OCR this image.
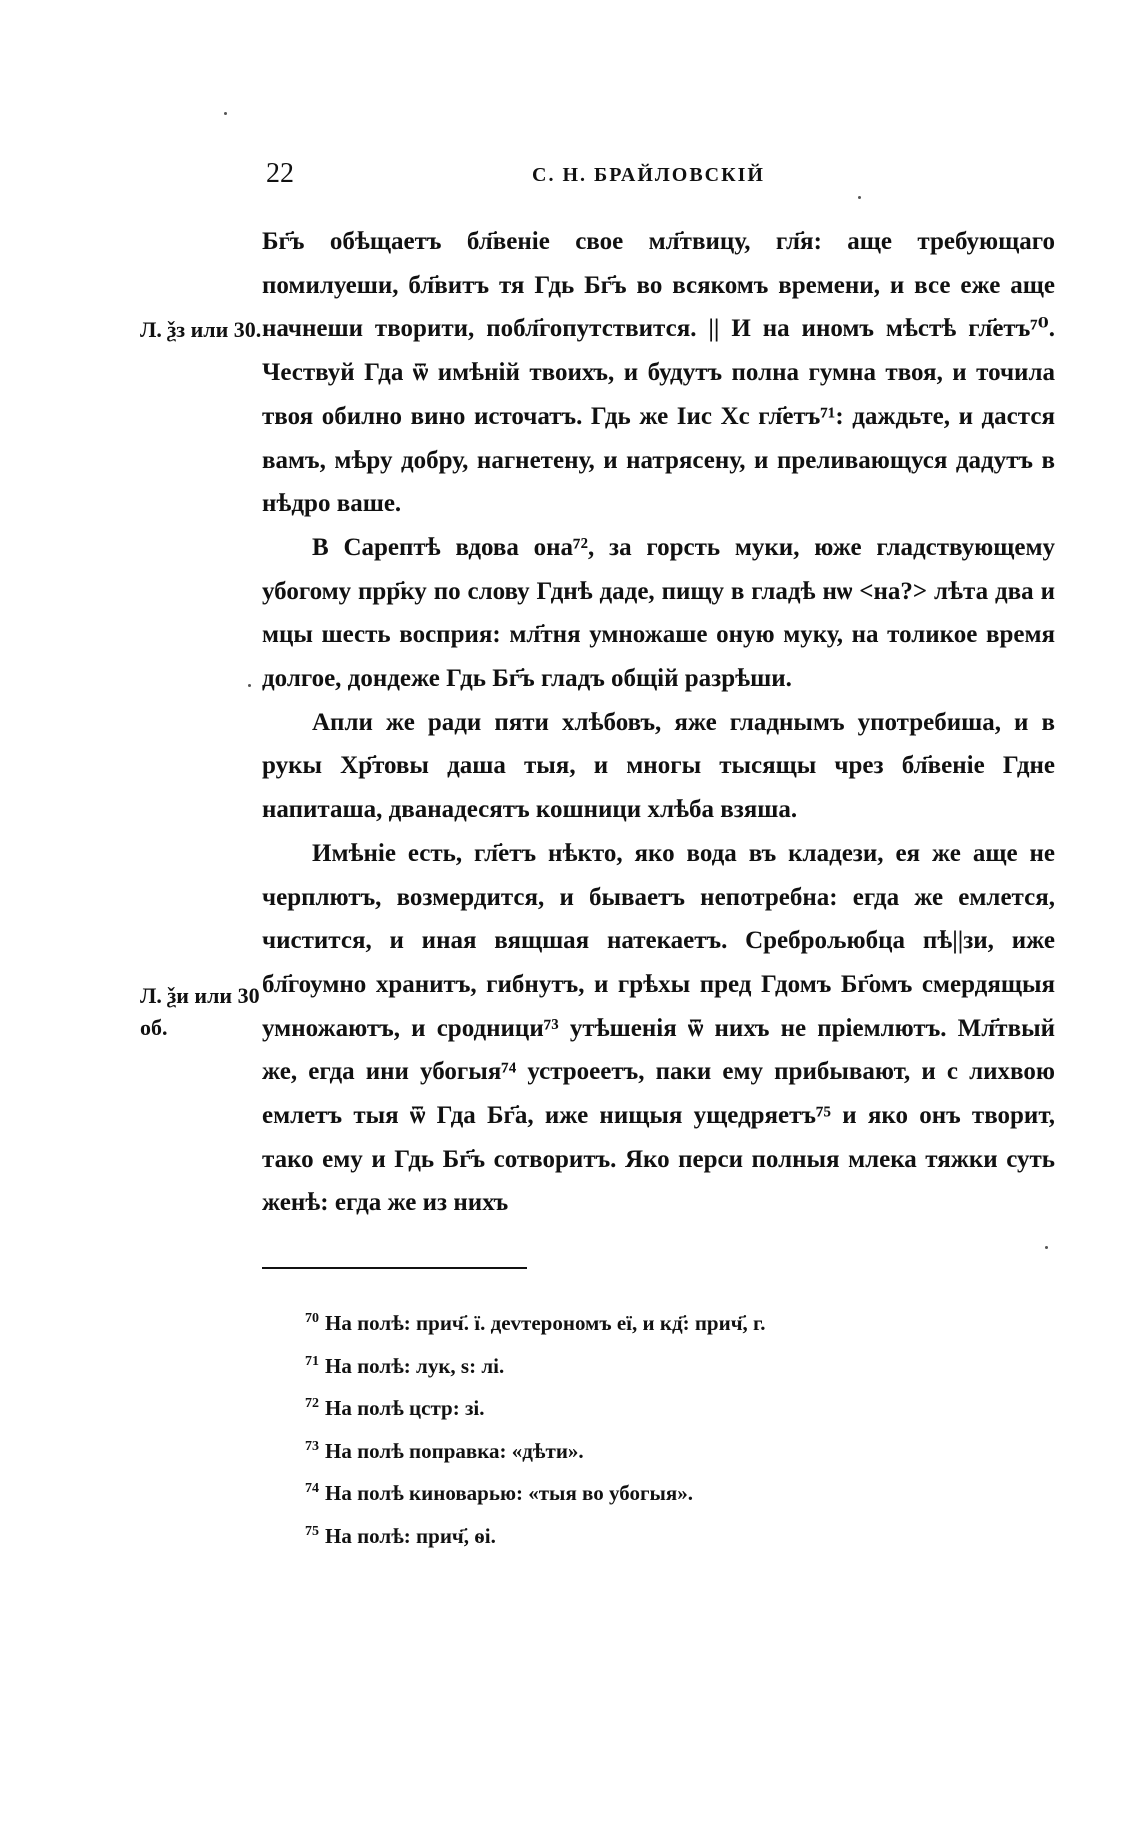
22	С. Н. БРАЙЛОВСКІЙ
Л. ѯз или 30.
Л. ѯи или 30 об.

Бг҃ъ обѣщаетъ бл҃веніе свое мл҃твицу, гл҃я: аще требующаго помилуеши, бл҃витъ тя Гдь Бг҃ъ во всякомъ времени, и все еже аще начнеши творити, побл҃гопутствится. || И на иномъ мѣстѣ гл҃етъ⁷⁰. Чествуй Гда ѿ имѣній твоихъ, и будутъ полна гумна твоя, и точила твоя обилно вино источатъ. Гдь же Іис Хс гл҃етъ⁷¹: даждьте, и дастся вамъ, мѣру добру, нагнетену, и натрясену, и преливающуся дадутъ в нѣдро ваше.

В Сарептѣ вдова она⁷², за горсть муки, юже гладствующему убогому прр҃ку по слову Гднѣ даде, пищу в гладѣ нѡ <на?> лѣта два и мцы шесть восприя: мл҃тня умножаше оную муку, на толикое время долгое, дондеже Гдь Бг҃ъ гладъ общій разрѣши.

Апли же ради пяти хлѣбовъ, яже гладнымъ употребиша, и в рукы Хр҃товы даша тыя, и многы тысящы чрез бл҃веніе Гдне напиташа, дванадесятъ кошници хлѣба взяша.

Имѣніе есть, гл҃етъ нѣкто, яко вода въ кладези, ея же аще не черплютъ, возмердится, и бываетъ непотребна: егда же емлется, чистится, и иная вящшая натекаетъ. Среброљюбца пѣ||зи, иже бл҃гоумно хранитъ, гибнутъ, и грѣхы пред Гдомъ Бг҃омъ смердящыя умножаютъ, и сродници⁷³ утѣшенія ѿ нихъ не пріемлютъ. Мл҃твый же, егда ини убогыя⁷⁴ устроеетъ, паки ему прибывают, и с лихвою емлетъ тыя ѿ Гда Бг҃а, иже нищыя ущедряетъ⁷⁵ и яко онъ творит, тако ему и Гдь Бг҃ъ сотворитъ. Яко перси полныя млека тяжки суть женѣ: егда же из нихъ

$^{70}$ На полѣ: прич҃. ї. деvтерономъ еї, и кд҃: прич҃, г.
$^{71}$ На полѣ: лук, ѕ: лі.
$^{72}$ На полѣ цстр: зі.
$^{73}$ На полѣ поправка: «дѣти».
$^{74}$ На полѣ киноварью: «тыя во убогыя».
$^{75}$ На полѣ: прич҃, ѳі.
